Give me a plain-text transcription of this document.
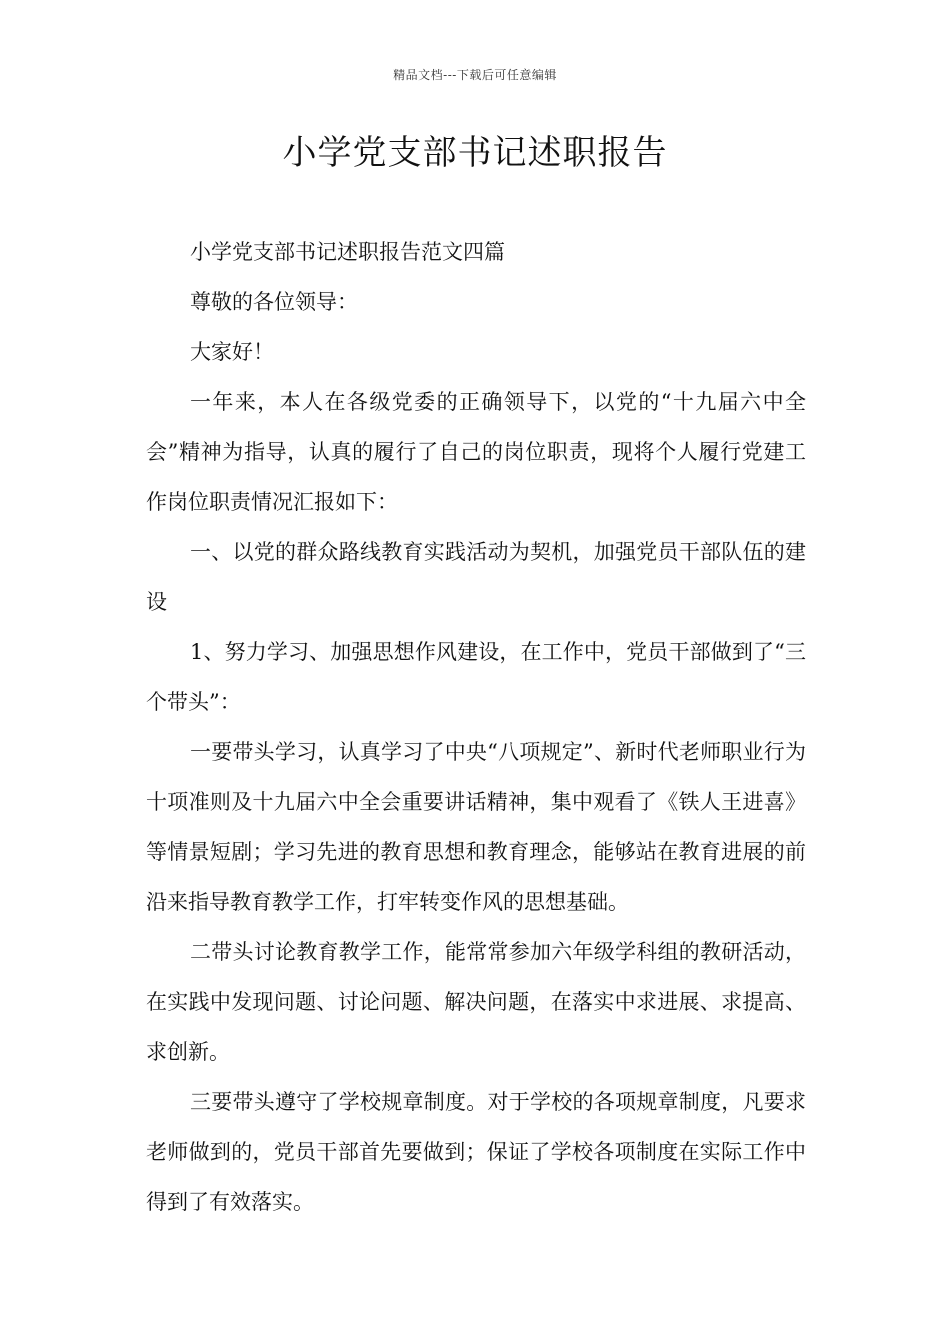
精品文档---下载后可任意编辑
小学党支部书记述职报告

小学党支部书记述职报告范文四篇

尊敬的各位领导：

大家好！

一年来，本人在各级党委的正确领导下，以党的“十九届六中全会”精神为指导，认真的履行了自己的岗位职责，现将个人履行党建工作岗位职责情况汇报如下：

一、以党的群众路线教育实践活动为契机，加强党员干部队伍的建设

1、努力学习、加强思想作风建设，在工作中，党员干部做到了“三个带头”：

一要带头学习，认真学习了中央“八项规定”、新时代老师职业行为十项准则及十九届六中全会重要讲话精神，集中观看了《铁人王进喜》等情景短剧；学习先进的教育思想和教育理念，能够站在教育进展的前沿来指导教育教学工作，打牢转变作风的思想基础。

二带头讨论教育教学工作，能常常参加六年级学科组的教研活动，在实践中发现问题、讨论问题、解决问题，在落实中求进展、求提高、求创新。

三要带头遵守了学校规章制度。对于学校的各项规章制度，凡要求老师做到的，党员干部首先要做到；保证了学校各项制度在实际工作中得到了有效落实。
